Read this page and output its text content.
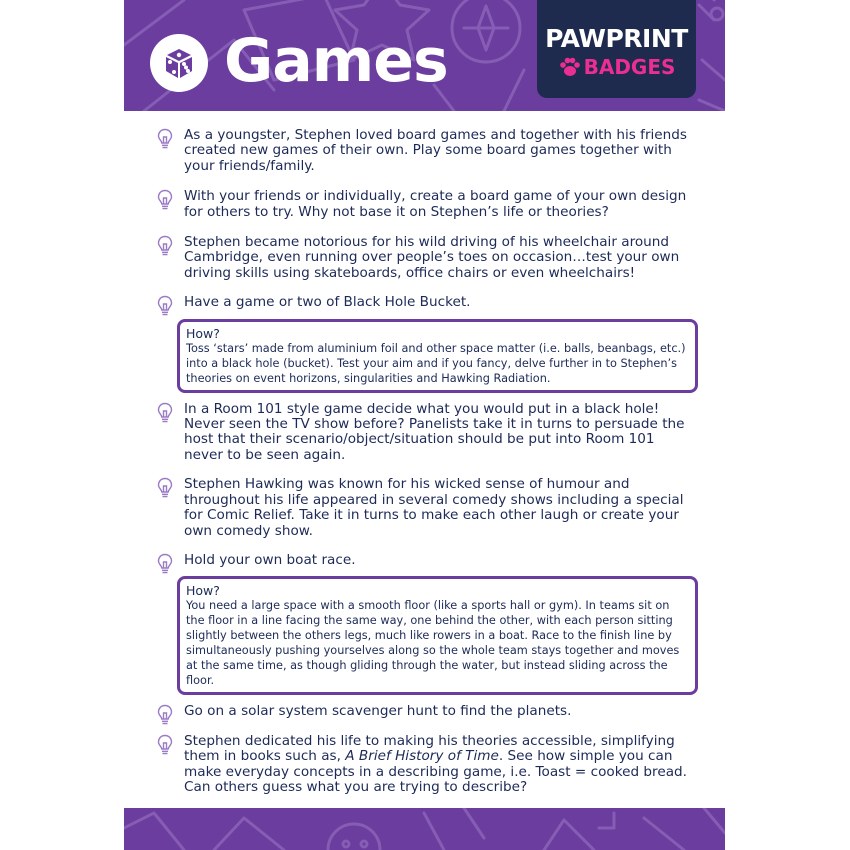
Games	PAWPRINT
BADGES
As a youngster, Stephen loved board games and together with his friends created new games of their own. Play some board games together with your friends/family.
With your friends or individually, create a board game of your own design for others to try. Why not base it on Stephen’s life or theories?
Stephen became notorious for his wild driving of his wheelchair around Cambridge, even running over people’s toes on occasion…test your own driving skills using skateboards, office chairs or even wheelchairs!
Have a game or two of Black Hole Bucket.
How?
Toss ‘stars’ made from aluminium foil and other space matter (i.e. balls, beanbags, etc.) into a black hole (bucket). Test your aim and if you fancy, delve further in to Stephen’s theories on event horizons, singularities and Hawking Radiation.
In a Room 101 style game decide what you would put in a black hole! Never seen the TV show before? Panelists take it in turns to persuade the host that their scenario/object/situation should be put into Room 101 never to be seen again.
Stephen Hawking was known for his wicked sense of humour and throughout his life appeared in several comedy shows including a special for Comic Relief. Take it in turns to make each other laugh or create your own comedy show.
Hold your own boat race.
How?
You need a large space with a smooth floor (like a sports hall or gym). In teams sit on the floor in a line facing the same way, one behind the other, with each person sitting slightly between the others legs, much like rowers in a boat. Race to the finish line by simultaneously pushing yourselves along so the whole team stays together and moves at the same time, as though gliding through the water, but instead sliding across the floor.
Go on a solar system scavenger hunt to find the planets.
Stephen dedicated his life to making his theories accessible, simplifying them in books such as, A Brief History of Time. See how simple you can make everyday concepts in a describing game, i.e. Toast = cooked bread. Can others guess what you are trying to describe?
